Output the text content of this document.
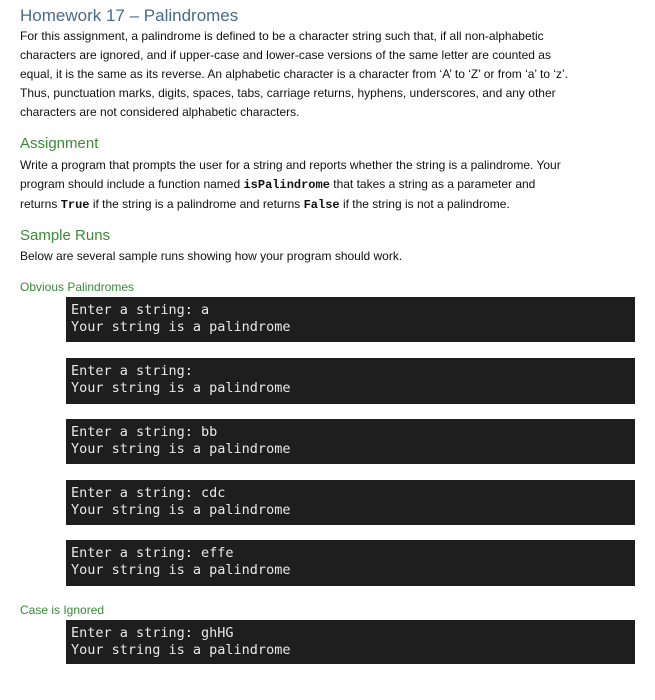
Homework 17 – Palindromes
For this assignment, a palindrome is defined to be a character string such that, if all non-alphabetic
characters are ignored, and if upper-case and lower-case versions of the same letter are counted as
equal, it is the same as its reverse. An alphabetic character is a character from ‘A’ to ‘Z’ or from ‘a’ to ‘z’.
Thus, punctuation marks, digits, spaces, tabs, carriage returns, hyphens, underscores, and any other
characters are not considered alphabetic characters.
Assignment
Write a program that prompts the user for a string and reports whether the string is a palindrome. Your
program should include a function named isPalindrome that takes a string as a parameter and
returns True if the string is a palindrome and returns False if the string is not a palindrome.
Sample Runs
Below are several sample runs showing how your program should work.
Obvious Palindromes
Enter a string: a
Your string is a palindrome
Enter a string:
Your string is a palindrome
Enter a string: bb
Your string is a palindrome
Enter a string: cdc
Your string is a palindrome
Enter a string: effe
Your string is a palindrome
Case is Ignored
Enter a string: ghHG
Your string is a palindrome
